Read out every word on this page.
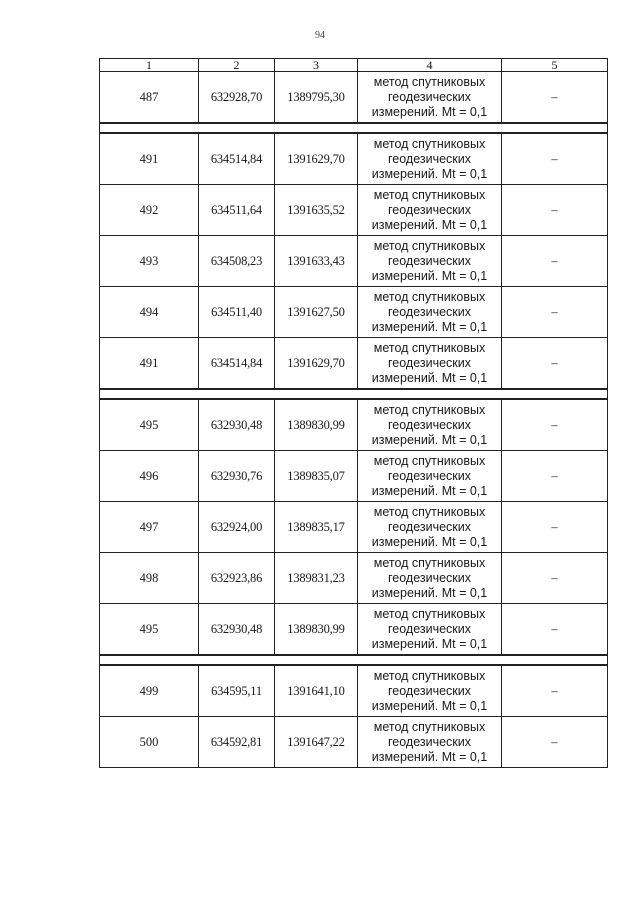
94
1	2	3	4	5
487	632928,70	1389795,30	метод спутниковых геодезических измерений. Mt = 0,1	–

491	634514,84	1391629,70	метод спутниковых геодезических измерений. Mt = 0,1	–
492	634511,64	1391635,52	метод спутниковых геодезических измерений. Mt = 0,1	–
493	634508,23	1391633,43	метод спутниковых геодезических измерений. Mt = 0,1	–
494	634511,40	1391627,50	метод спутниковых геодезических измерений. Mt = 0,1	–
491	634514,84	1391629,70	метод спутниковых геодезических измерений. Mt = 0,1	–

495	632930,48	1389830,99	метод спутниковых геодезических измерений. Mt = 0,1	–
496	632930,76	1389835,07	метод спутниковых геодезических измерений. Mt = 0,1	–
497	632924,00	1389835,17	метод спутниковых геодезических измерений. Mt = 0,1	–
498	632923,86	1389831,23	метод спутниковых геодезических измерений. Mt = 0,1	–
495	632930,48	1389830,99	метод спутниковых геодезических измерений. Mt = 0,1	–

499	634595,11	1391641,10	метод спутниковых геодезических измерений. Mt = 0,1	–
500	634592,81	1391647,22	метод спутниковых геодезических измерений. Mt = 0,1	–
